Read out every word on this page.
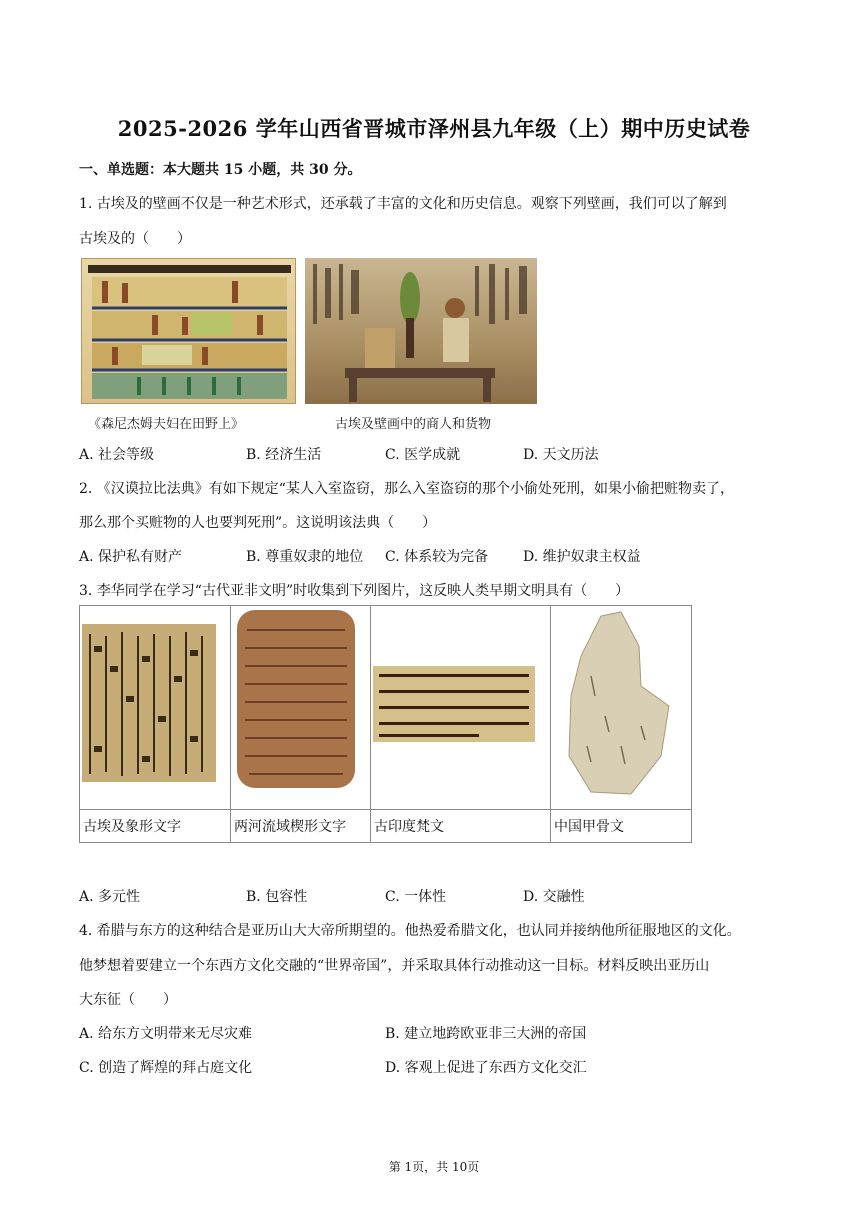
2025-2026 学年山西省晋城市泽州县九年级（上）期中历史试卷
一、单选题：本大题共 15 小题，共 30 分。
1. 古埃及的壁画不仅是一种艺术形式，还承载了丰富的文化和历史信息。观察下列壁画，我们可以了解到
古埃及的（　　）
《森尼杰姆夫妇在田野上》	古埃及壁画中的商人和货物
A. 社会等级	B. 经济生活	C. 医学成就	D. 天文历法
2. 《汉谟拉比法典》有如下规定“某人入室盗窃，那么入室盗窃的那个小偷处死刑，如果小偷把赃物卖了，
那么那个买赃物的人也要判死刑”。这说明该法典（　　）
A. 保护私有财产	B. 尊重奴隶的地位 C. 体系较为完备 D. 维护奴隶主权益
3. 李华同学在学习“古代亚非文明”时收集到下列图片，这反映人类早期文明具有（　　）

古埃及象形文字	两河流域楔形文字	古印度梵文	中国甲骨文
A. 多元性	B. 包容性	C. 一体性	D. 交融性
4. 希腊与东方的这种结合是亚历山大大帝所期望的。他热爱希腊文化，也认同并接纳他所征服地区的文化。
他梦想着要建立一个东西方文化交融的“世界帝国”，并采取具体行动推动这一目标。材料反映出亚历山
大东征（　　）
A. 给东方文明带来无尽灾难	B. 建立地跨欧亚非三大洲的帝国
C. 创造了辉煌的拜占庭文化	D. 客观上促进了东西方文化交汇
第 1页，共 10页
